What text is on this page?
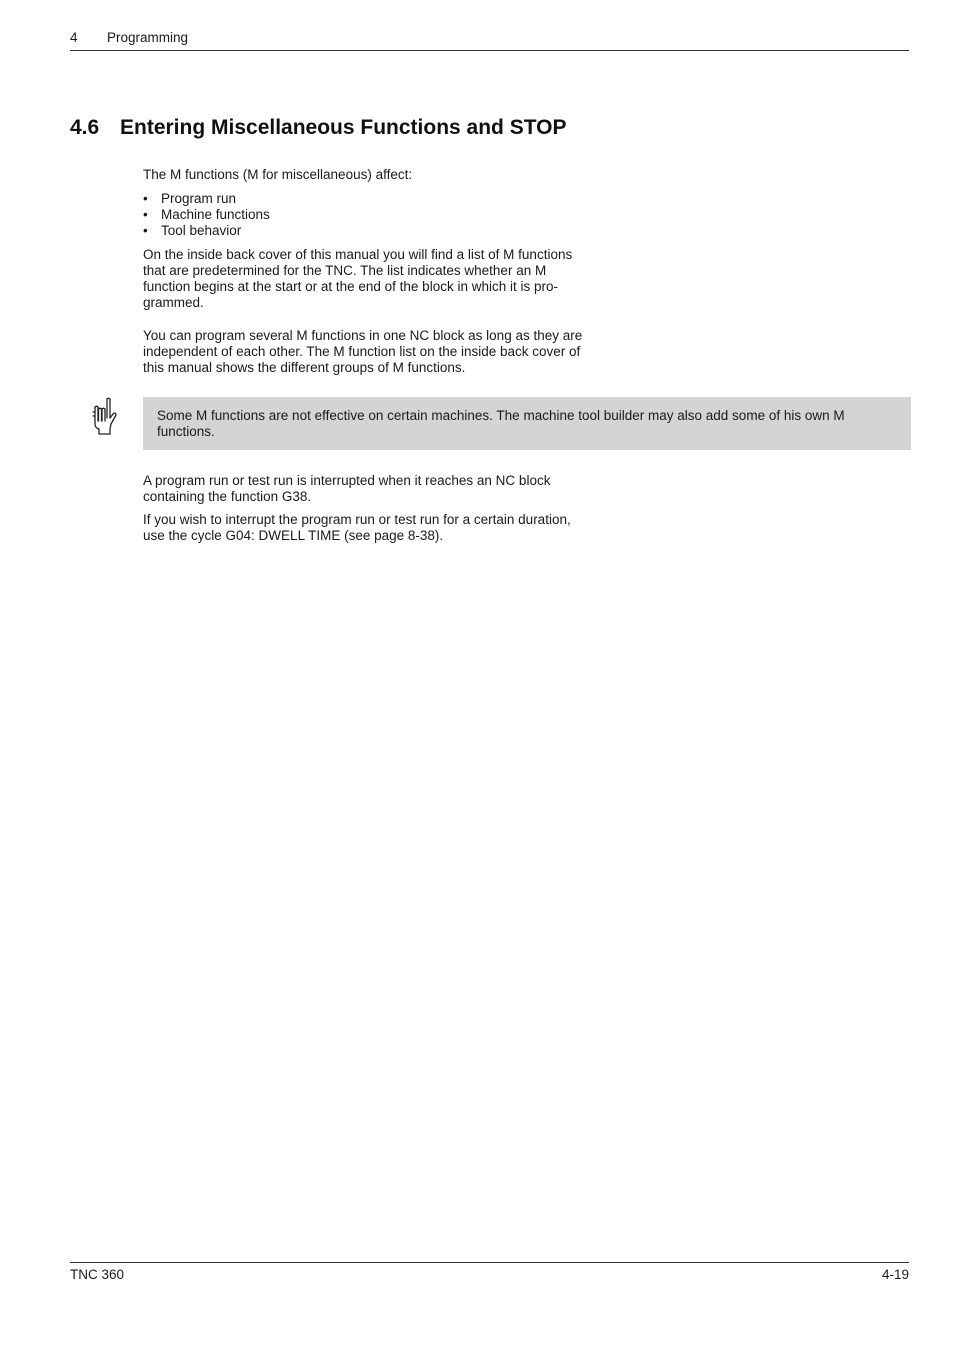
4 Programming
4.6 Entering Miscellaneous Functions and STOP

The M functions (M for miscellaneous) affect:

• Program run
• Machine functions
• Tool behavior

On the inside back cover of this manual you will find a list of M functions
that are predetermined for the TNC. The list indicates whether an M
function begins at the start or at the end of the block in which it is pro-
grammed.

You can program several M functions in one NC block as long as they are
independent of each other. The M function list on the inside back cover of
this manual shows the different groups of M functions.

Some M functions are not effective on certain machines. The machine tool builder may also add some of his own M functions.

A program run or test run is interrupted when it reaches an NC block
containing the function G38.

If you wish to interrupt the program run or test run for a certain duration,
use the cycle G04: DWELL TIME (see page 8-38).

TNC 360	4-19
